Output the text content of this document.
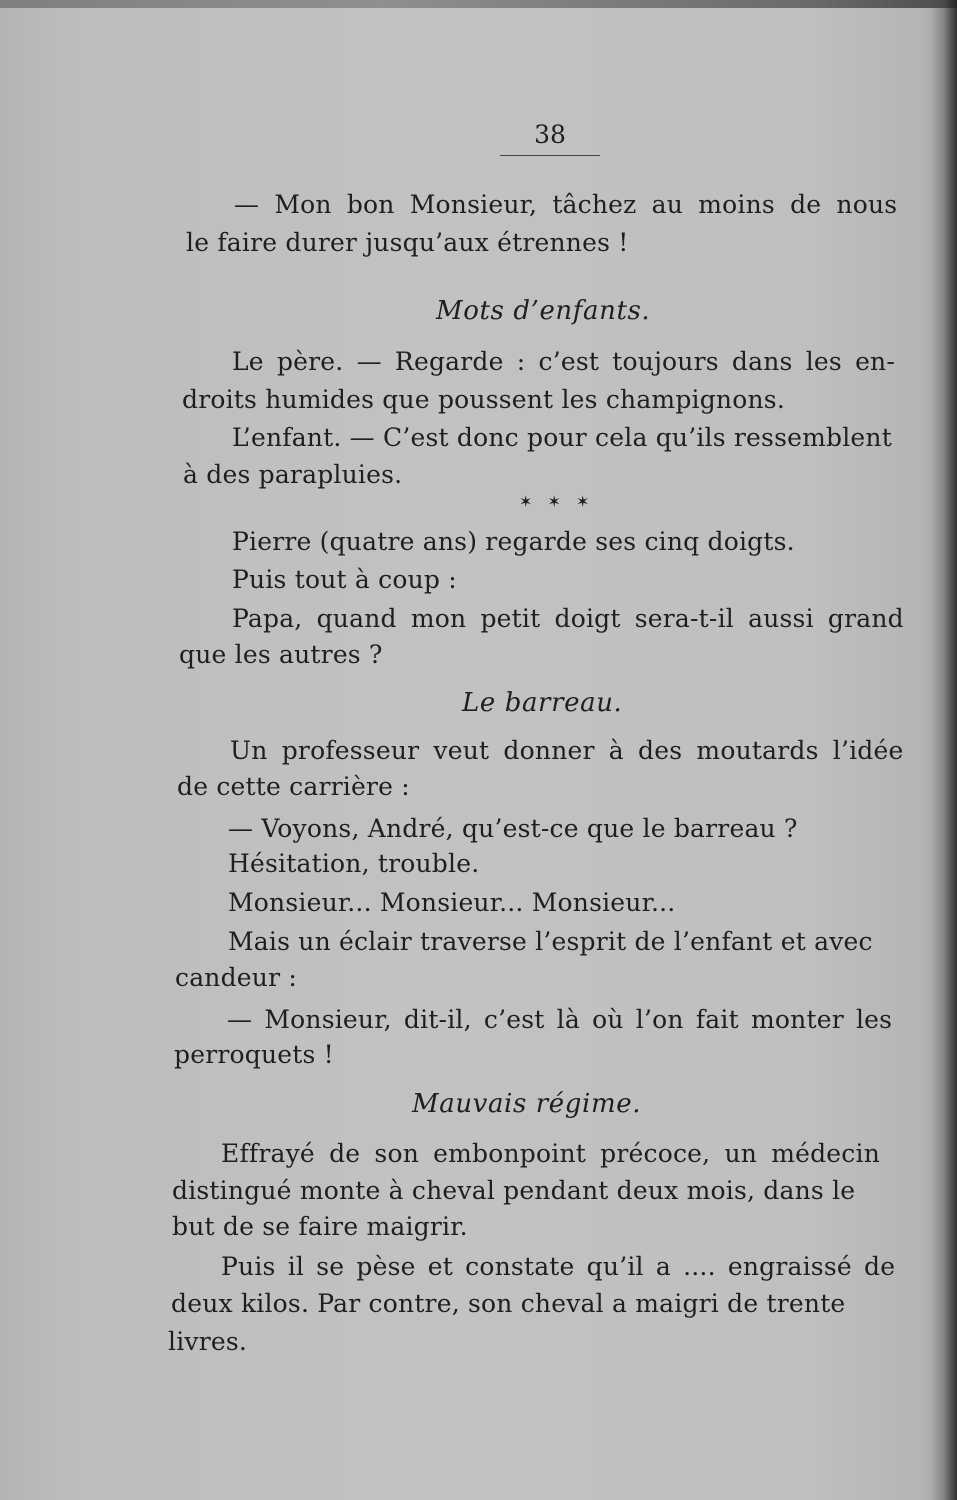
38
— Mon bon Monsieur, tâchez au moins de nous
le faire durer jusqu’aux étrennes !
Mots d’enfants.
Le père. — Regarde : c’est toujours dans les en-
droits humides que poussent les champignons.
L’enfant. — C’est donc pour cela qu’ils ressemblent
à des parapluies.
✶ ✶ ✶
Pierre (quatre ans) regarde ses cinq doigts.
Puis tout à coup :
Papa, quand mon petit doigt sera-t-il aussi grand
que les autres ?
Le barreau.
Un professeur veut donner à des moutards l’idée
de cette carrière :
— Voyons, André, qu’est-ce que le barreau ?
Hésitation, trouble.
Monsieur... Monsieur... Monsieur...
Mais un éclair traverse l’esprit de l’enfant et avec
candeur :
— Monsieur, dit-il, c’est là où l’on fait monter les
perroquets !
Mauvais régime.
Effrayé de son embonpoint précoce, un médecin
distingué monte à cheval pendant deux mois, dans le
but de se faire maigrir.
Puis il se pèse et constate qu’il a .... engraissé de
deux kilos. Par contre, son cheval a maigri de trente
livres.
